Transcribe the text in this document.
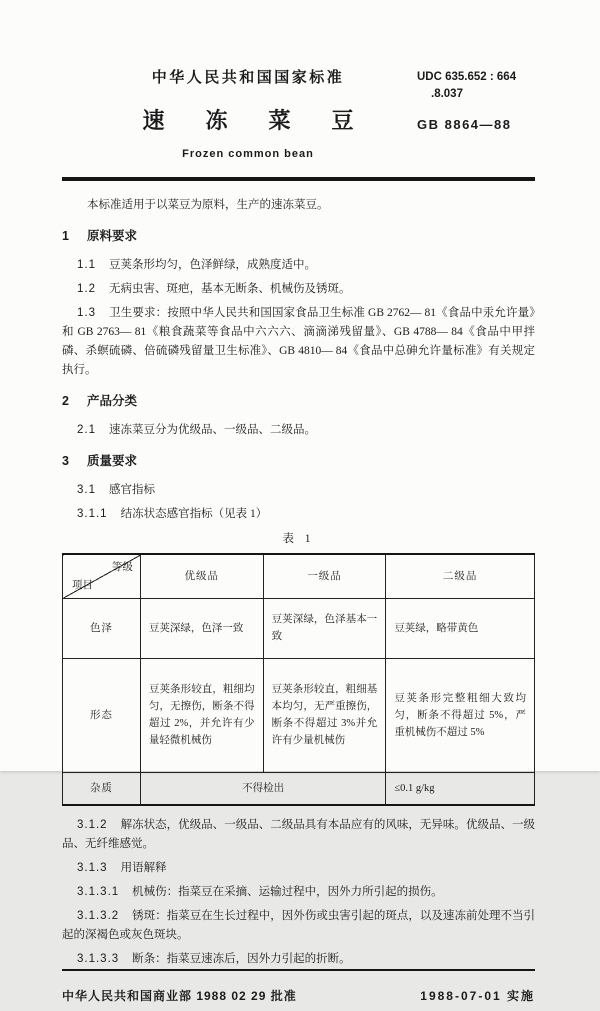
中华人民共和国国家标准
速冻菜豆
Frozen common bean
UDC 635.652 : 664
.8.037
GB 8864—88

本标准适用于以菜豆为原料，生产的速冻菜豆。

1 原料要求

1.1 豆荚条形均匀，色泽鲜绿，成熟度适中。

1.2 无病虫害、斑疤，基本无断条、机械伤及锈斑。

1.3 卫生要求：按照中华人民共和国国家食品卫生标准 GB 2762— 81《食品中汞允许量》和 GB 2763— 81《粮食蔬菜等食品中六六六、滴滴涕残留量》、GB 4788— 84《食品中甲拌磷、杀螟硫磷、倍硫磷残留量卫生标准》、GB 4810— 84《食品中总砷允许量标准》有关规定执行。

2 产品分类

2.1 速冻菜豆分为优级品、一级品、二级品。

3 质量要求

3.1 感官指标

3.1.1 结冻状态感官指标（见表 1）

表 1
等级
项目	优级品	一级品	二级品
色泽	豆荚深绿，色泽一致	豆荚深绿，色泽基本一致	豆荚绿，略带黄色
形态	豆荚条形较直，粗细均匀，无擦伤，断条不得超过 2%，并允许有少量轻微机械伤	豆荚条形较直，粗细基本均匀，无严重擦伤，断条不得超过 3%并允许有少量机械伤	豆荚条形完整粗细大致均匀，断条不得超过 5%，严重机械伤不超过 5%
杂质	不得检出		≤0.1 g/kg

3.1.2 解冻状态，优级品、一级品、二级品具有本品应有的风味，无异味。优级品、一级品、无纤维感觉。

3.1.3 用语解释

3.1.3.1 机械伤：指菜豆在采摘、运输过程中，因外力所引起的损伤。

3.1.3.2 锈斑：指菜豆在生长过程中，因外伤或虫害引起的斑点，以及速冻前处理不当引起的深褐色或灰色斑块。

3.1.3.3 断条：指菜豆速冻后，因外力引起的折断。

中华人民共和国商业部 1988 02 29 批准	1988-07-01 实施
